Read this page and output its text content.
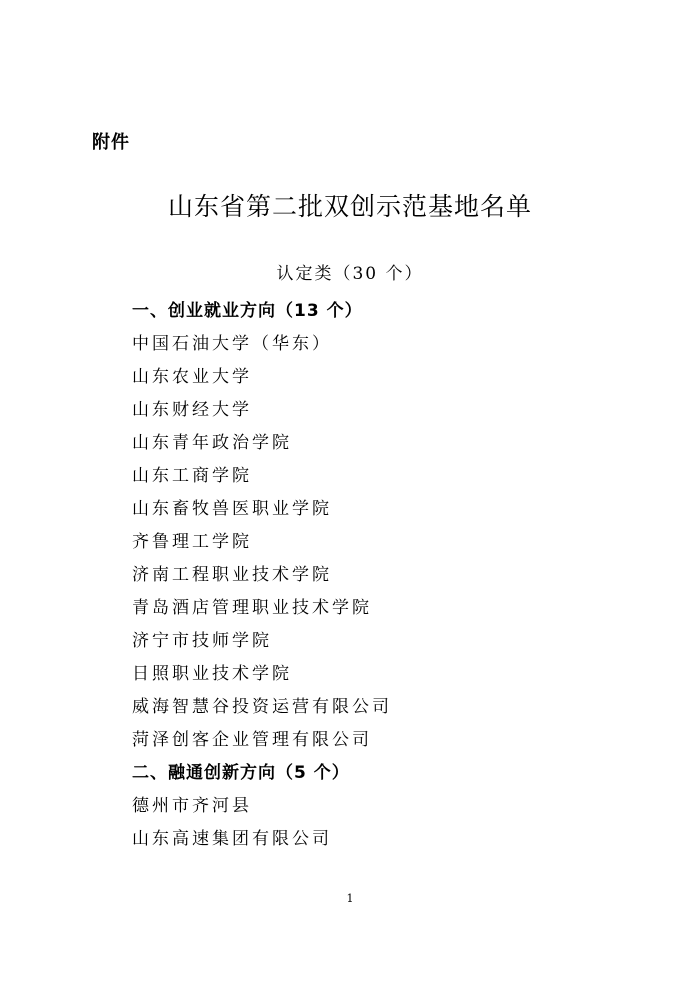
附件
山东省第二批双创示范基地名单
认定类（30 个）
一、创业就业方向（13 个）
中国石油大学（华东）
山东农业大学
山东财经大学
山东青年政治学院
山东工商学院
山东畜牧兽医职业学院
齐鲁理工学院
济南工程职业技术学院
青岛酒店管理职业技术学院
济宁市技师学院
日照职业技术学院
威海智慧谷投资运营有限公司
菏泽创客企业管理有限公司
二、融通创新方向（5 个）
德州市齐河县
山东高速集团有限公司
1
